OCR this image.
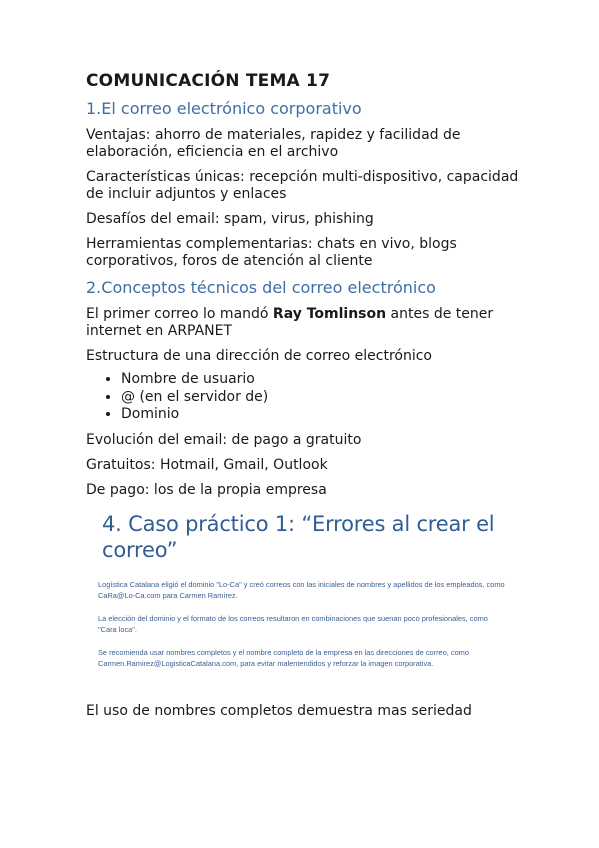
COMUNICACIÓN TEMA 17
1.El correo electrónico corporativo

Ventajas: ahorro de materiales, rapidez y facilidad de elaboración, eficiencia en el archivo

Características únicas: recepción multi-dispositivo, capacidad de incluir adjuntos y enlaces

Desafíos del email: spam, virus, phishing

Herramientas complementarias: chats en vivo, blogs corporativos, foros de atención al cliente

2.Conceptos técnicos del correo electrónico

El primer correo lo mandó Ray Tomlinson antes de tener internet en ARPANET

Estructura de una dirección de correo electrónico

• Nombre de usuario
• @ (en el servidor de)
• Dominio

Evolución del email: de pago a gratuito

Gratuitos: Hotmail, Gmail, Outlook

De pago: los de la propia empresa

4. Caso práctico 1: “Errores al crear el correo”

Logística Catalana eligió el dominio "Lo-Ca" y creó correos con las iniciales de nombres y apellidos de los empleados, como CaRa@Lo-Ca.com para Carmen Ramírez.

La elección del dominio y el formato de los correos resultaron en combinaciones que suenan poco profesionales, como "Cara loca".

Se recomienda usar nombres completos y el nombre completo de la empresa en las direcciones de correo, como Carmen.Ramirez@LogisticaCatalana.com, para evitar malentendidos y reforzar la imagen corporativa.

El uso de nombres completos demuestra mas seriedad
